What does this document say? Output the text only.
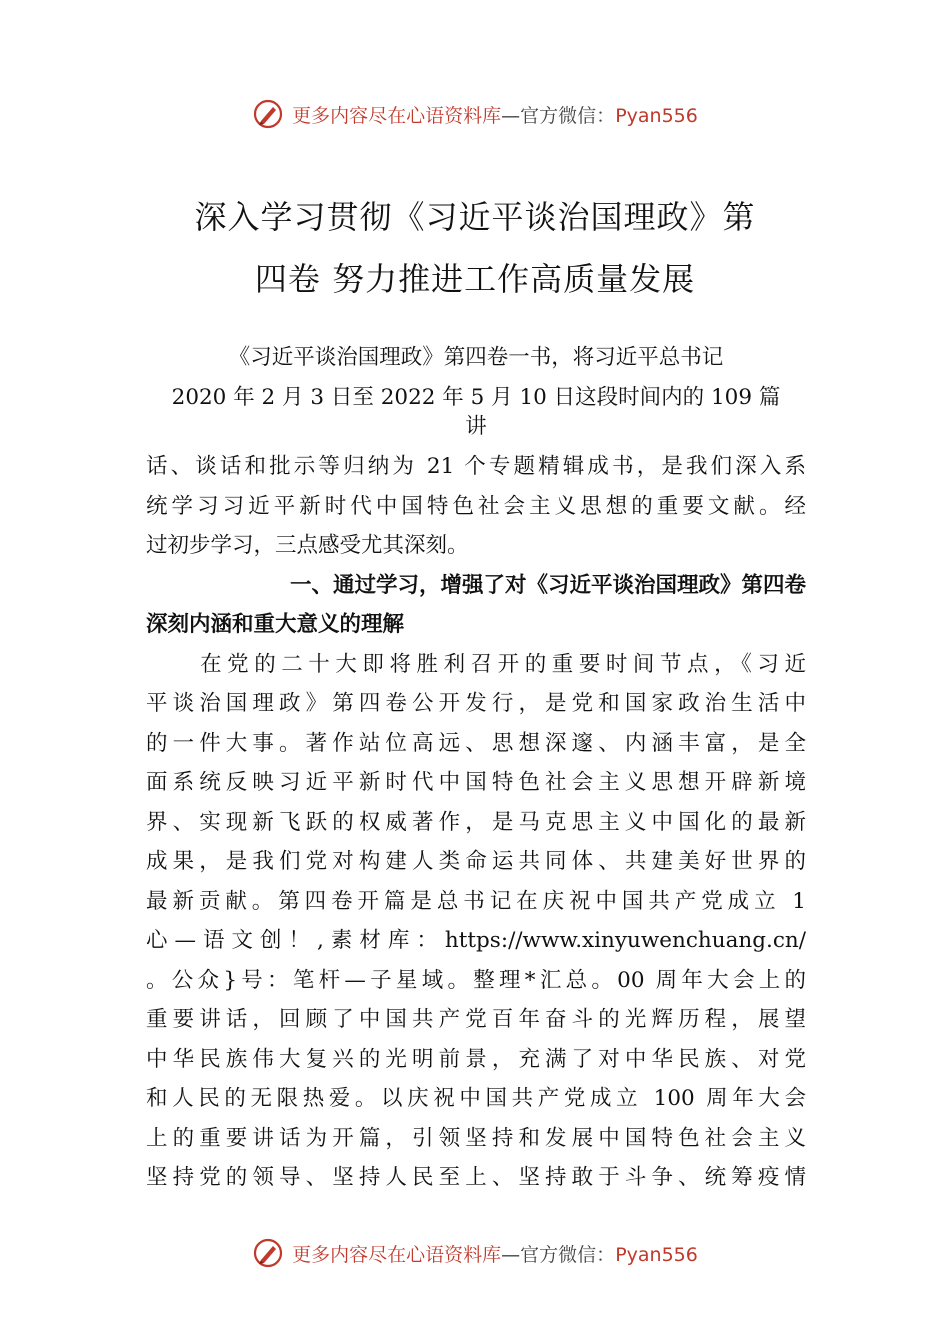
更多内容尽在心语资料库 —官方微信：Pyan556
深入学习贯彻《习近平谈治国理政》第
四卷 努力推进工作高质量发展

《习近平谈治国理政》第四卷一书，将习近平总书记

2020 年 2 月 3 日至 2022 年 5 月 10 日这段时间内的 109 篇

讲

话、谈话和批示等归纳为 21 个专题精辑成书，是我们深入系
统学习习近平新时代中国特色社会主义思想的重要文献。经
过初步学习，三点感受尤其深刻。
一、通过学习，增强了对《习近平谈治国理政》第四卷
深刻内涵和重大意义的理解
　　在党的二十大即将胜利召开的重要时间节点，《习近
平谈治国理政》第四卷公开发行，是党和国家政治生活中
的一件大事。著作站位高远、思想深邃、内涵丰富，是全
面系统反映习近平新时代中国特色社会主义思想开辟新境
界、实现新飞跃的权威著作，是马克思主义中国化的最新
成果，是我们党对构建人类命运共同体、共建美好世界的
最新贡献。第四卷开篇是总书记在庆祝中国共产党成立 1
心—语文创！,素材库：https://www.xinyuwenchuang.cn/
。公众}号：笔杆—子星域。整理*汇总。00 周年大会上的
重要讲话，回顾了中国共产党百年奋斗的光辉历程，展望
中华民族伟大复兴的光明前景，充满了对中华民族、对党
和人民的无限热爱。以庆祝中国共产党成立 100 周年大会
上的重要讲话为开篇，引领坚持和发展中国特色社会主义
坚持党的领导、坚持人民至上、坚持敢于斗争、统筹疫情
更多内容尽在心语资料库 —官方微信：Pyan556
